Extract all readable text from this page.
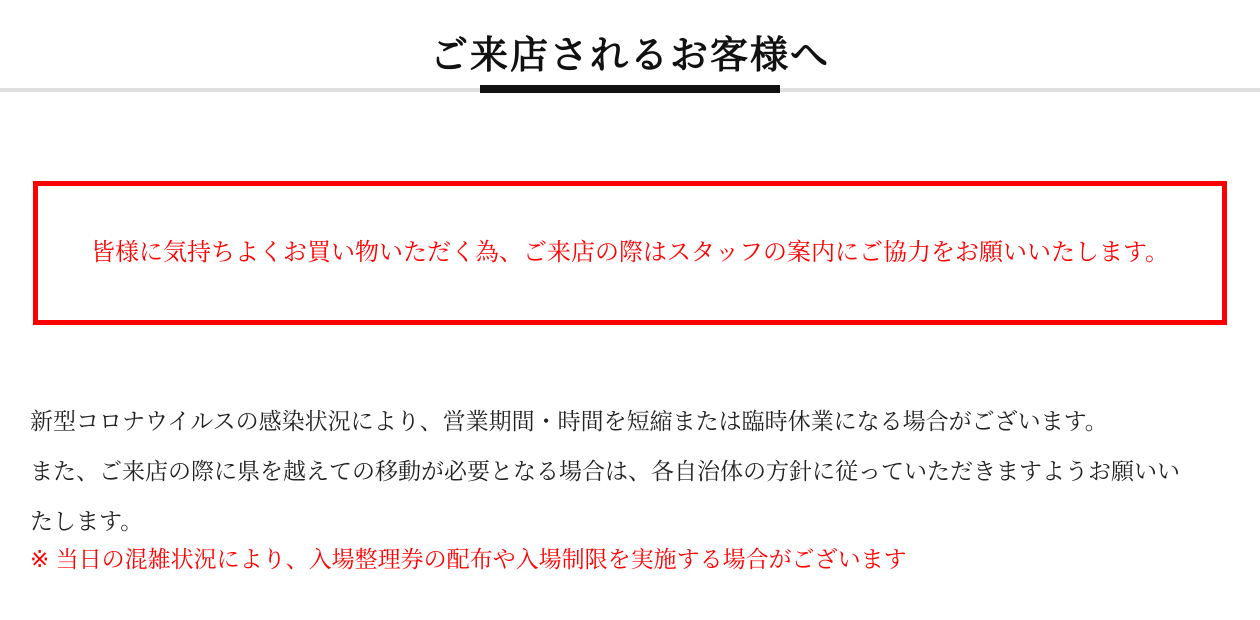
ご来店されるお客様へ

皆様に気持ちよくお買い物いただく為、ご来店の際はスタッフの案内にご協力をお願いいたします。

新型コロナウイルスの感染状況により、営業期間・時間を短縮または臨時休業になる場合がございます。

また、ご来店の際に県を越えての移動が必要となる場合は、各自治体の方針に従っていただきますようお願いい

たします。

※ 当日の混雑状況により、入場整理券の配布や入場制限を実施する場合がございます
